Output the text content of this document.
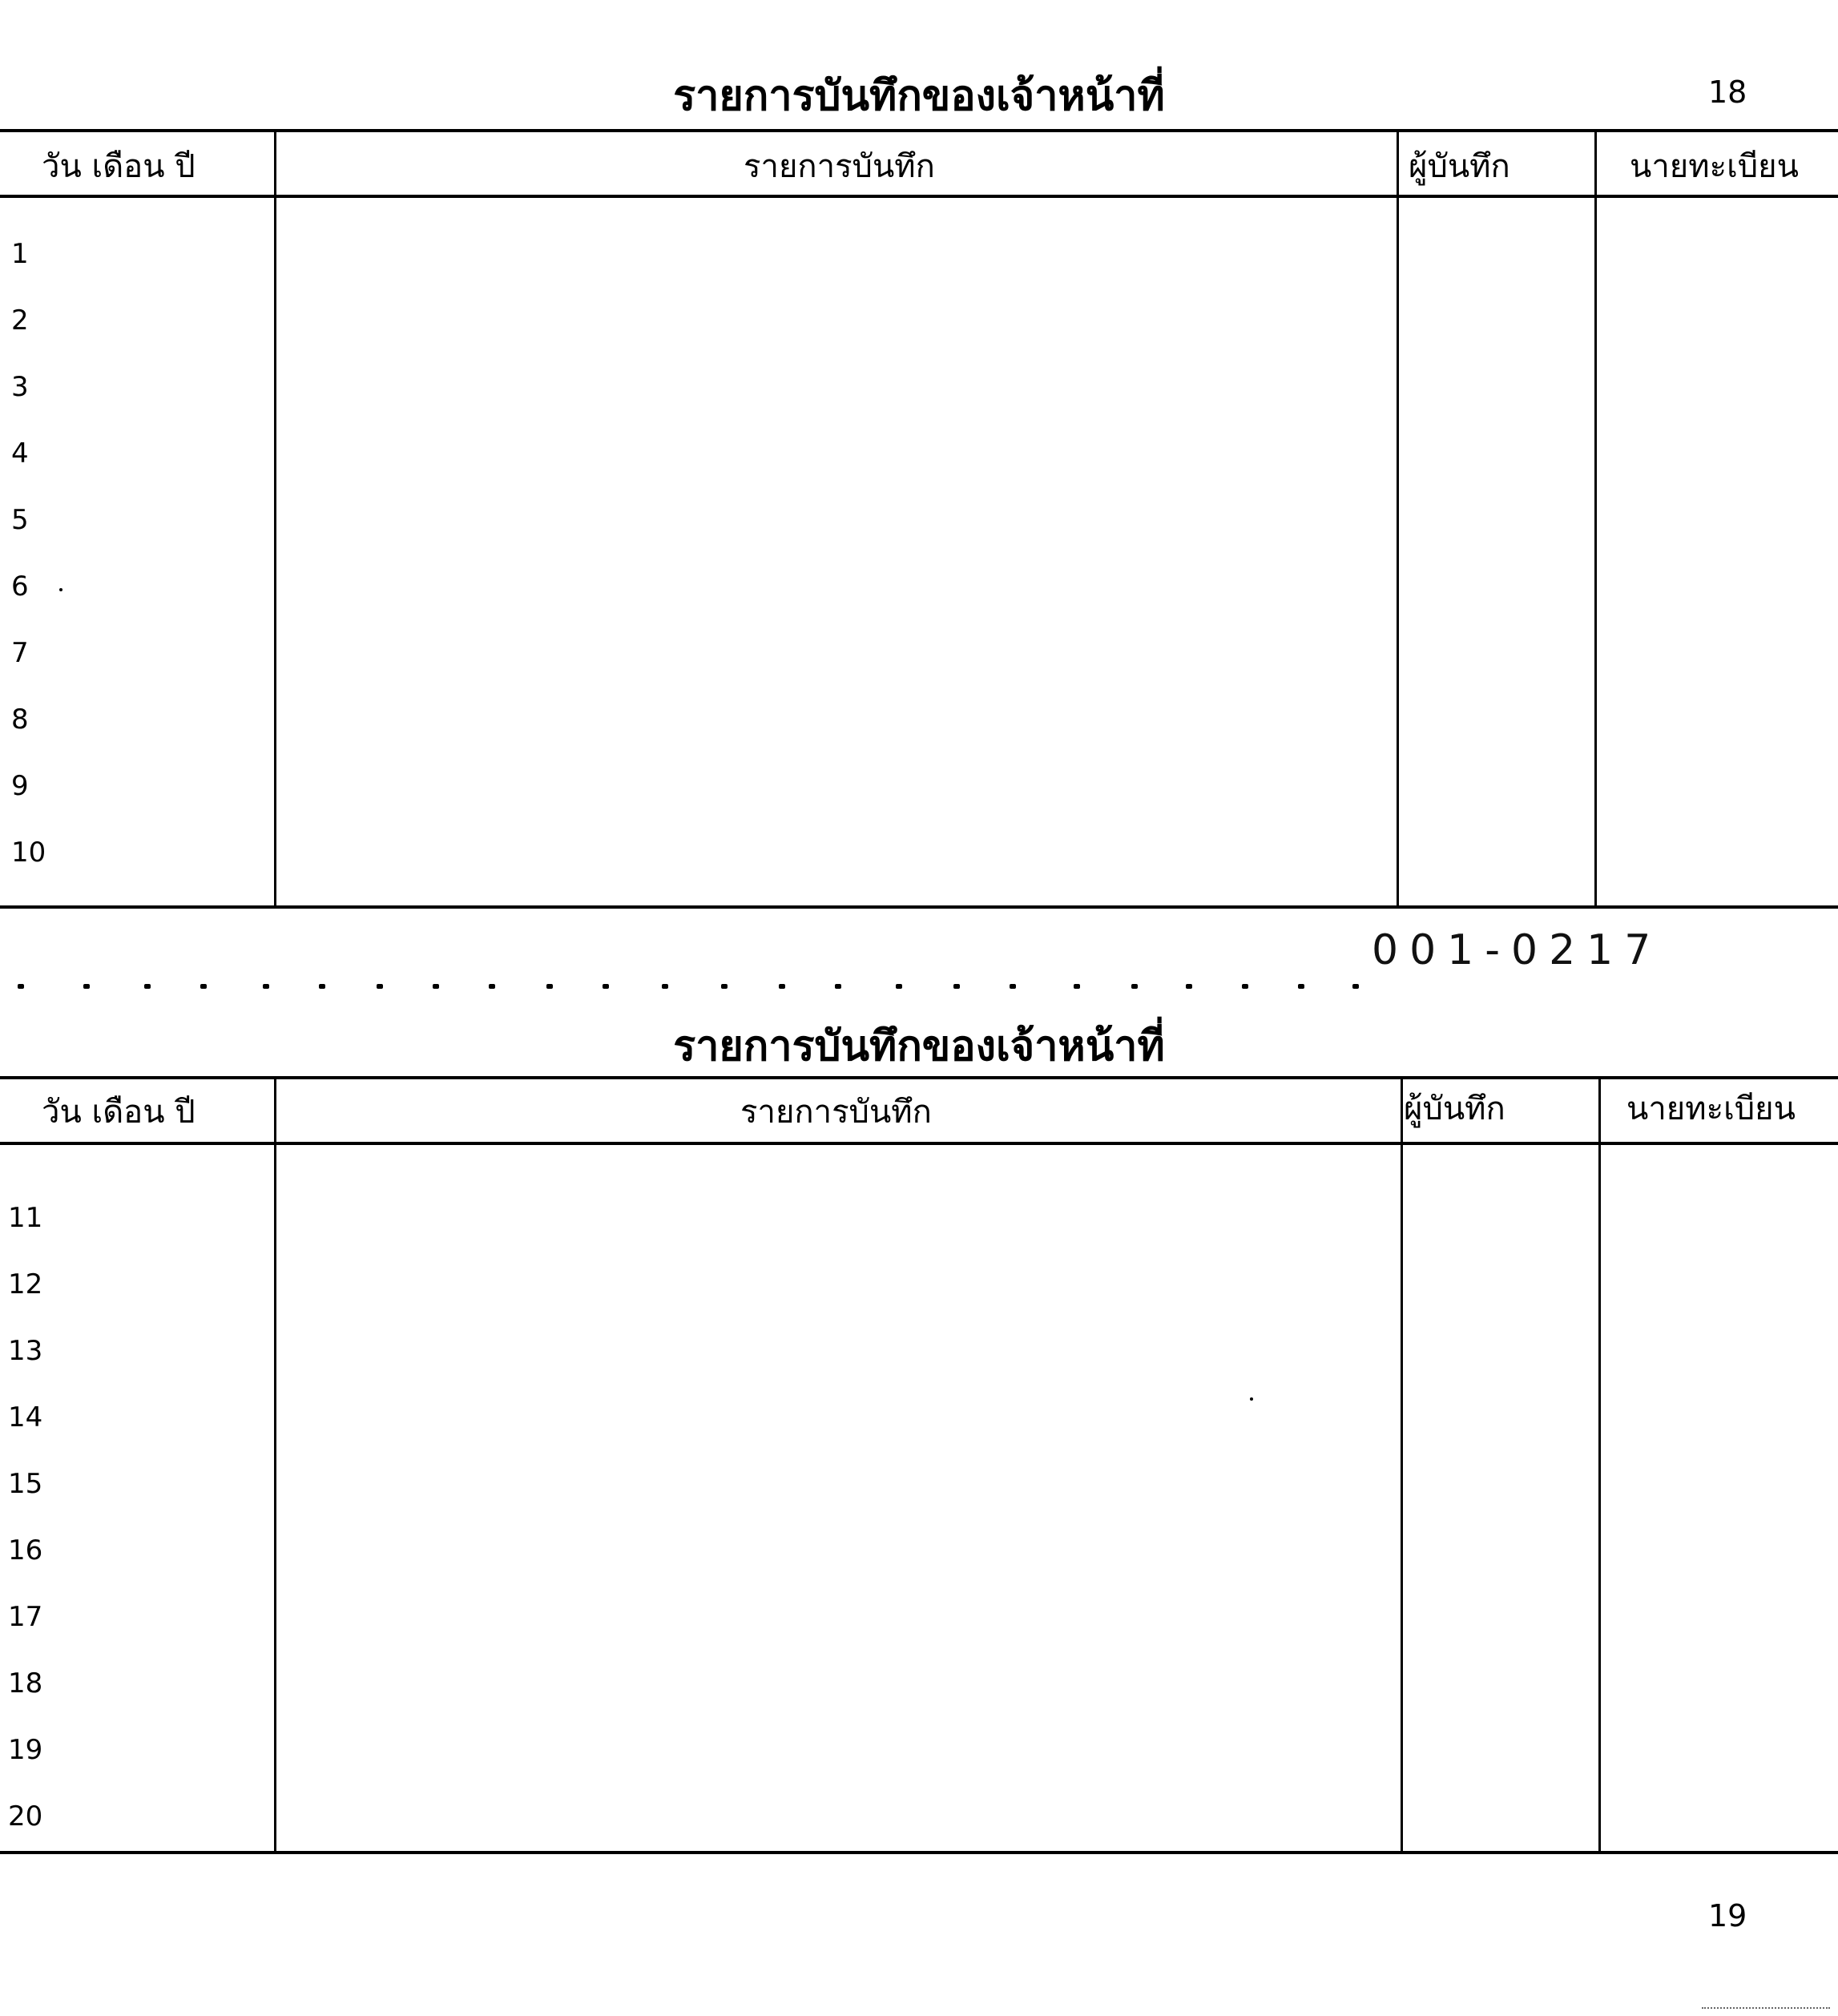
18
รายการบันทึกของเจ้าหน้าที่
วัน เดือน ปี	รายการบันทึก	ผู้บันทึก	นายทะเบียน
1
2
3
4
5
6
7
8
9
10
001-0217
รายการบันทึกของเจ้าหน้าที่
วัน เดือน ปี	รายการบันทึก	ผู้บันทึก	นายทะเบียน
11
12
13
14
15
16
17
18
19
20
19
